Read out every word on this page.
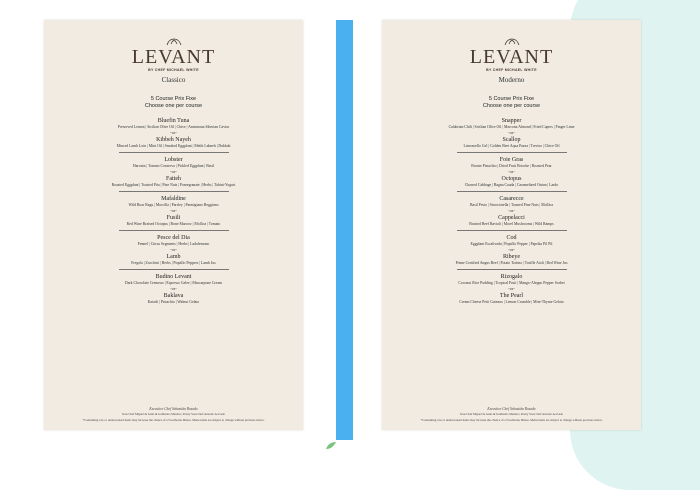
LEVANT
BY CHEF MICHAEL WHITE
Classico
5 Course Prix Fixe
Choose one per course
Bluefin Tuna
Preserved Lemon | Sicilian Olive Oil | Chive | Ammiraua Siberian Caviar
-or-
Kibbeh Nayeh
Minced Lamb Loin | Mint Oil | Smoked Eggplant | Methi Labneh | Dukkah
Lobster
Harratta | Tomato Conserva | Pickled Eggplant | Basil
-or-
Fatteh
Roasted Eggplant | Toasted Pita | Pine Nuts | Pomegranate | Herbs | Tahini-Yogurt
Mafaldine
Wild Boar Ragu | Morcilla | Parsley | Parmigiano Reggiano
-or-
Fusili
Red Wine Braised Octopus | Bone Marrow | Mollica | Tomato
Pesce del Dia
Fennel | Citrus Segments | Herbs | Ladolemono
-or-
Lamb
Fregola | Zucchini | Herbs | Piquillo Peppers | Lamb Jus
Budino Levant
Dark Chocolate Cremeux | Espresso Gelee | Mascarpone Cream
-or-
Baklava
Kataifi | Pistachio | Walnut Gelato
Executive Chef Sebastián Rosado
Sous Chef Miguel de Jesús & Guillermo Mendes | Pastry Sous Chef Antonio Acevedo
*Consuming raw or undercooked items may increase the chance of a Foodborne Illness. Menu items are subject to change without previous notice.
LEVANT
BY CHEF MICHAEL WHITE
Moderno
5 Course Prix Fixe
Choose one per course
Snapper
Calabrian Chili | Sicilian Olive Oil | Marcona Almond | Fried Capers | Finger Lime
-or-
Scallop
Limoncello Gel | Golden Beet Aqua Pazza | Treviso | Chive Oil
Foie Gras
Bronte Pistachio | Dried Fruit Brioche | Roasted Pear
-or-
Octopus
Charred Cabbage | Bagna Cauda | Caramelized Onion | Lardo
Casarecce
Basil Pesto | Stracciatella | Toasted Pine Nuts | Mollica
-or-
Cappelacci
Braised Beef Ravioli | Morel Mushrooms | Wild Ramps
Cod
Eggplant Escalivada | Piquillo Pepper | Paprika Pil Pil
-or-
Ribeye
Prime Certified Angus Beef | Potato Tortino | Truffle Aioli | Red Wine Jus
Rizogalo
Coconut Rice Pudding | Tropical Fruit | Mango-Aleppo Pepper Sorbet
-or-
The Pearl
Cream Cheese Petit Gateaux | Lemon Crumble | Mint-Thyme Gelato
Executive Chef Sebastián Rosado
Sous Chef Miguel de Jesús & Guillermo Mendes | Pastry Sous Chef Antonio Acevedo
*Consuming raw or undercooked items may increase the chance of a Foodborne Illness. Menu items are subject to change without previous notice.
